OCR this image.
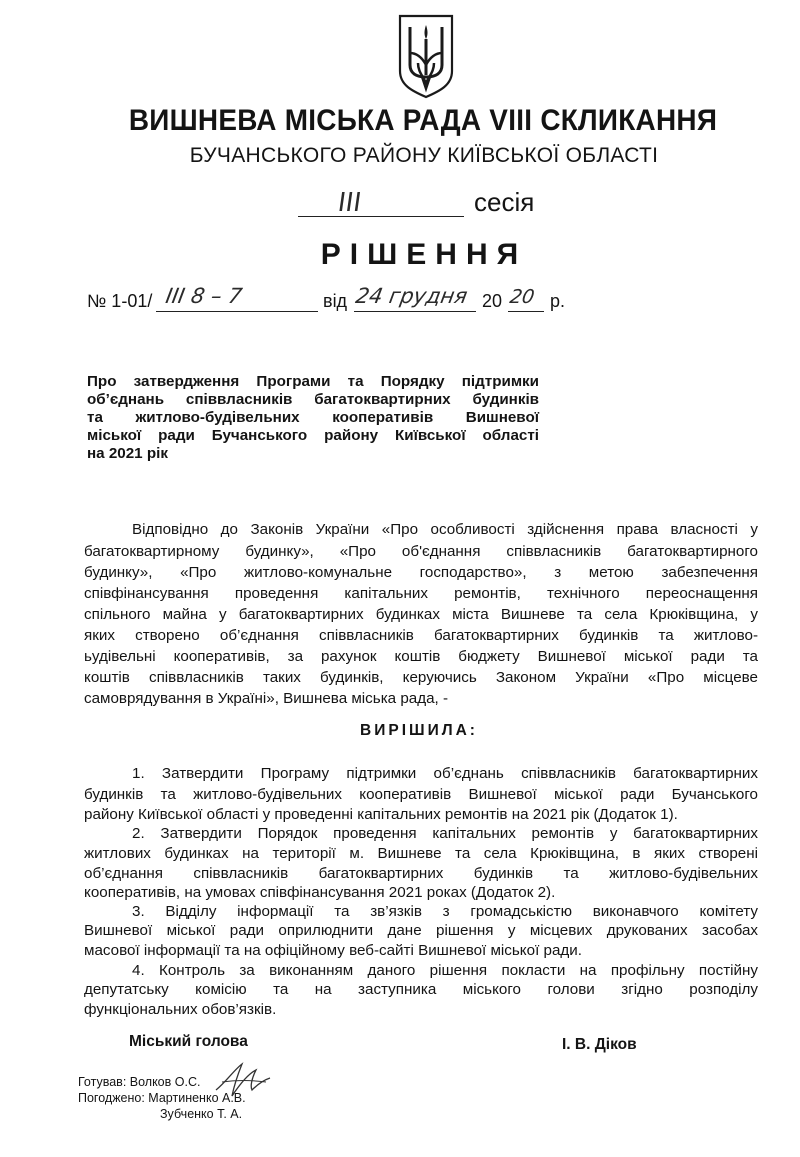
ВИШНЕВА МІСЬКА РАДА VIII СКЛИКАННЯ
БУЧАНСЬКОГО РАЙОНУ КИЇВСЬКОЇ ОБЛАСТІ
III	сесія
РІШЕННЯ
№ 1-01/ III 8 – 7	від 24 грудня 20 20 р.
Про затвердження Програми та Порядку підтримки
об’єднань співвласників багатоквартирних будинків
та житлово-будівельних кооперативів Вишневої
міської ради Бучанського району Київської області
на 2021 рік
Відповідно до Законів України «Про особливості здійснення права власності у
багатоквартирному будинку», «Про об'єднання співвласників багатоквартирного
будинку», «Про житлово-комунальне господарство», з метою забезпечення
співфінансування проведення капітальних ремонтів, технічного переоснащення
спільного майна у багатоквартирних будинках міста Вишневе та села Крюківщина, у
яких створено об’єднання співвласників багатоквартирних будинків та житлово-
ьудівельні кооперативів, за рахунок коштів бюджету Вишневої міської ради та
коштів співвласників таких будинків, керуючись Законом України «Про місцеве
самоврядування в Україні», Вишнева міська рада, -
ВИРІШИЛА:
1. Затвердити Програму підтримки об’єднань співвласників багатоквартирних
будинків та житлово-будівельних кооперативів Вишневої міської ради Бучанського
району Київської області у проведенні капітальних ремонтів на 2021 рік (Додаток 1).
2. Затвердити Порядок проведення капітальних ремонтів у багатоквартирних
житлових будинках на території м. Вишневе та села Крюківщина, в яких створені
об’єднання співвласників багатоквартирних будинків та житлово-будівельних
кооперативів, на умовах співфінансування 2021 роках (Додаток 2).
3. Відділу інформації та зв’язків з громадськістю виконавчого комітету
Вишневої міської ради оприлюднити дане рішення у місцевих друкованих засобах
масової інформації та на офіційному веб-сайті Вишневої міської ради.
4. Контроль за виконанням даного рішення покласти на профільну постійну
депутатську комісію та на заступника міського голови згідно розподілу
функціональних обов’язків.
Міський голова	І. В. Діков
Готував: Волков О.С.
Погоджено: Мартиненко А.В.
Зубченко Т. А.
